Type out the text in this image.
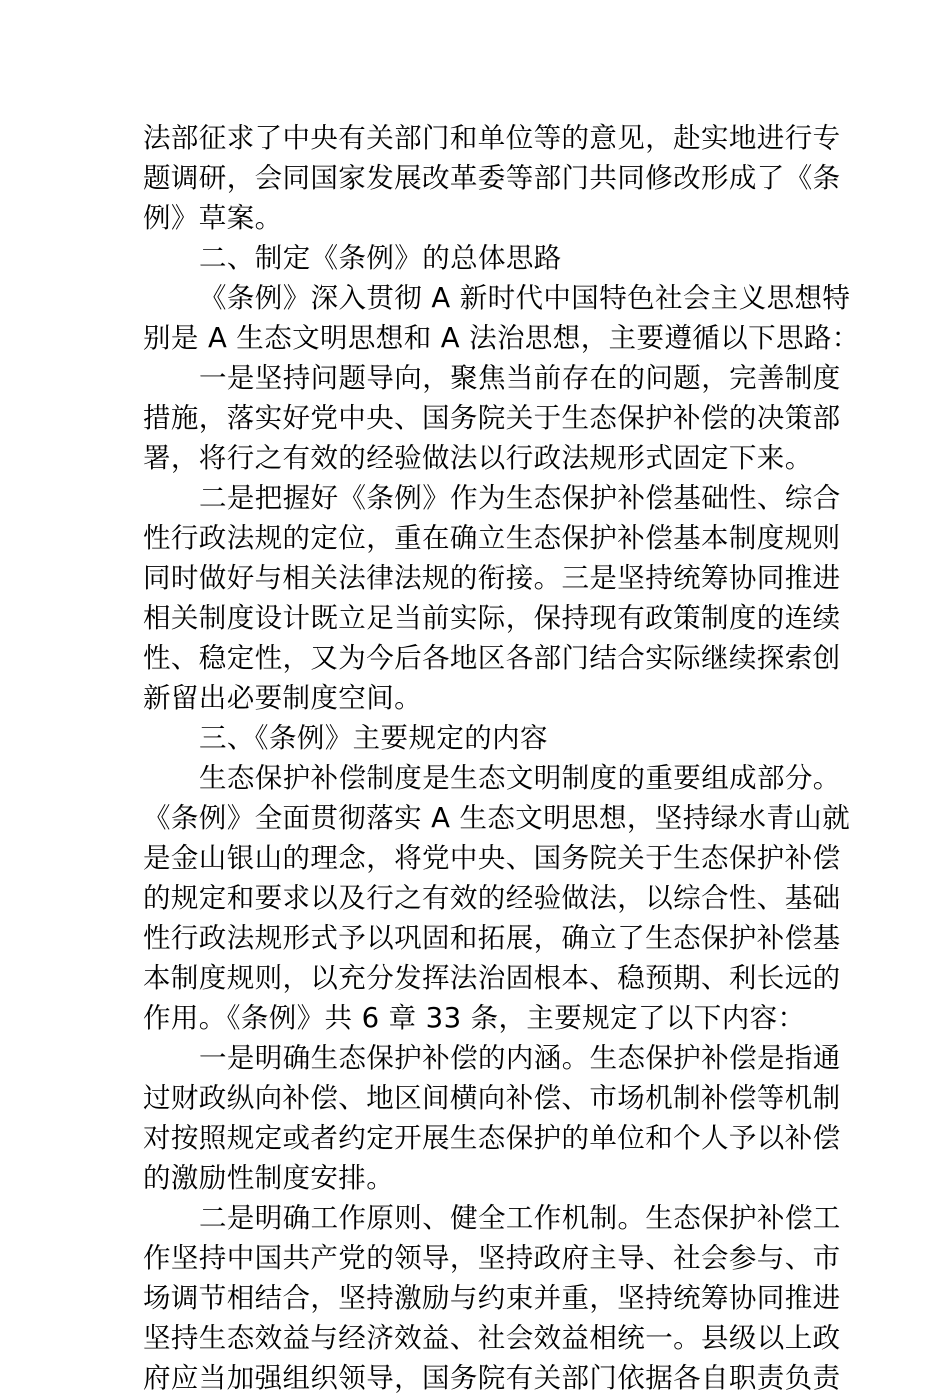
法部征求了中央有关部门和单位等的意见，赴实地进行专
题调研，会同国家发展改革委等部门共同修改形成了《条
例》草案。
二、制定《条例》的总体思路
《条例》深入贯彻 A 新时代中国特色社会主义思想特
别是 A 生态文明思想和 A 法治思想，主要遵循以下思路：
一是坚持问题导向，聚焦当前存在的问题，完善制度
措施，落实好党中央、国务院关于生态保护补偿的决策部
署，将行之有效的经验做法以行政法规形式固定下来。
二是把握好《条例》作为生态保护补偿基础性、综合
性行政法规的定位，重在确立生态保护补偿基本制度规则
同时做好与相关法律法规的衔接。三是坚持统筹协同推进
相关制度设计既立足当前实际，保持现有政策制度的连续
性、稳定性，又为今后各地区各部门结合实际继续探索创
新留出必要制度空间。
三、《条例》主要规定的内容
生态保护补偿制度是生态文明制度的重要组成部分。
《条例》全面贯彻落实 A 生态文明思想，坚持绿水青山就
是金山银山的理念，将党中央、国务院关于生态保护补偿
的规定和要求以及行之有效的经验做法，以综合性、基础
性行政法规形式予以巩固和拓展，确立了生态保护补偿基
本制度规则，以充分发挥法治固根本、稳预期、利长远的
作用。《条例》共 6 章 33 条，主要规定了以下内容：
一是明确生态保护补偿的内涵。生态保护补偿是指通
过财政纵向补偿、地区间横向补偿、市场机制补偿等机制
对按照规定或者约定开展生态保护的单位和个人予以补偿
的激励性制度安排。
二是明确工作原则、健全工作机制。生态保护补偿工
作坚持中国共产党的领导，坚持政府主导、社会参与、市
场调节相结合，坚持激励与约束并重，坚持统筹协同推进
坚持生态效益与经济效益、社会效益相统一。县级以上政
府应当加强组织领导，国务院有关部门依据各自职责负责
